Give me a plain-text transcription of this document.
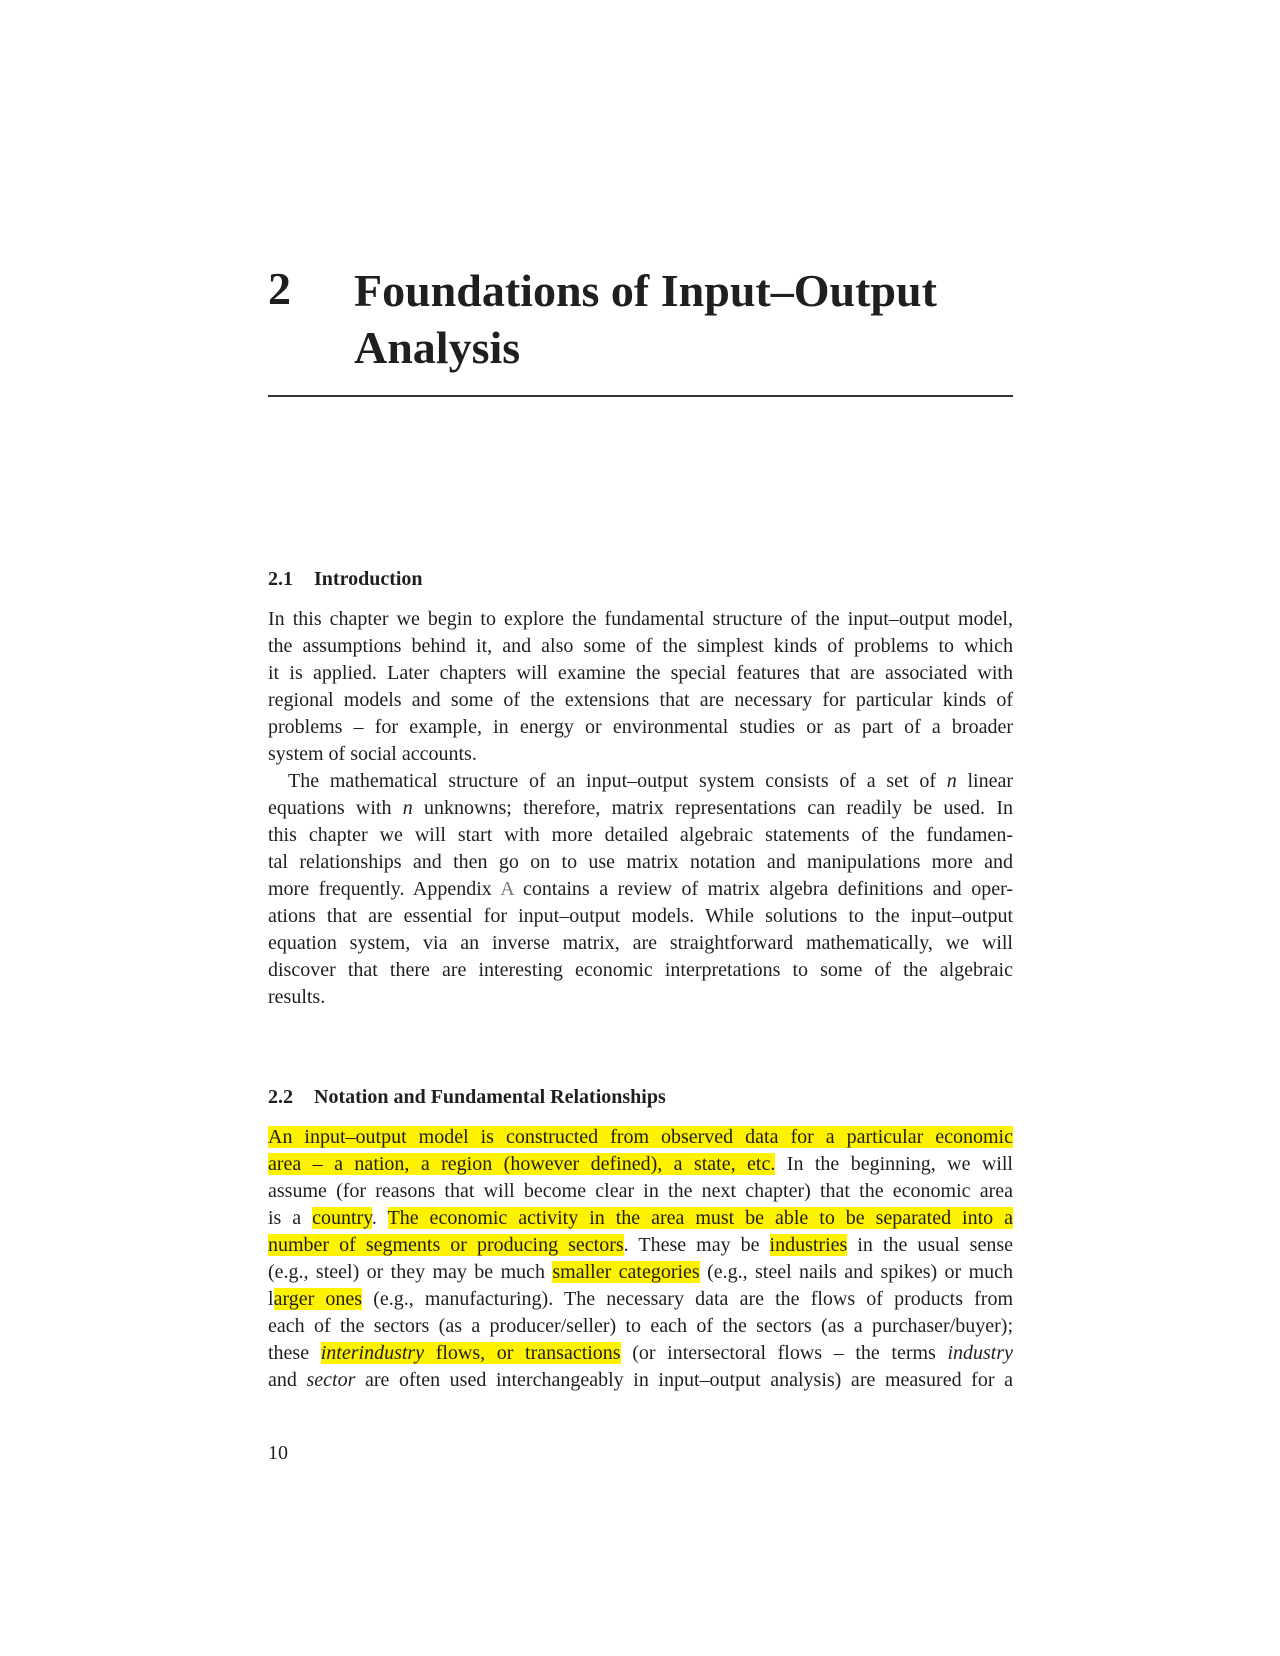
2 Foundations of Input–Output
Analysis
2.1 Introduction
In this chapter we begin to explore the fundamental structure of the input–output model,
the assumptions behind it, and also some of the simplest kinds of problems to which
it is applied. Later chapters will examine the special features that are associated with
regional models and some of the extensions that are necessary for particular kinds of
problems – for example, in energy or environmental studies or as part of a broader
system of social accounts.
The mathematical structure of an input–output system consists of a set of n linear
equations with n unknowns; therefore, matrix representations can readily be used. In
this chapter we will start with more detailed algebraic statements of the fundamen-
tal relationships and then go on to use matrix notation and manipulations more and
more frequently. Appendix A contains a review of matrix algebra definitions and oper-
ations that are essential for input–output models. While solutions to the input–output
equation system, via an inverse matrix, are straightforward mathematically, we will
discover that there are interesting economic interpretations to some of the algebraic
results.
2.2 Notation and Fundamental Relationships
An input–output model is constructed from observed data for a particular economic
area – a nation, a region (however defined), a state, etc. In the beginning, we will
assume (for reasons that will become clear in the next chapter) that the economic area
is a country. The economic activity in the area must be able to be separated into a
number of segments or producing sectors. These may be industries in the usual sense
(e.g., steel) or they may be much smaller categories (e.g., steel nails and spikes) or much
larger ones (e.g., manufacturing). The necessary data are the flows of products from
each of the sectors (as a producer/seller) to each of the sectors (as a purchaser/buyer);
these interindustry flows, or transactions (or intersectoral flows – the terms industry
and sector are often used interchangeably in input–output analysis) are measured for a
10
